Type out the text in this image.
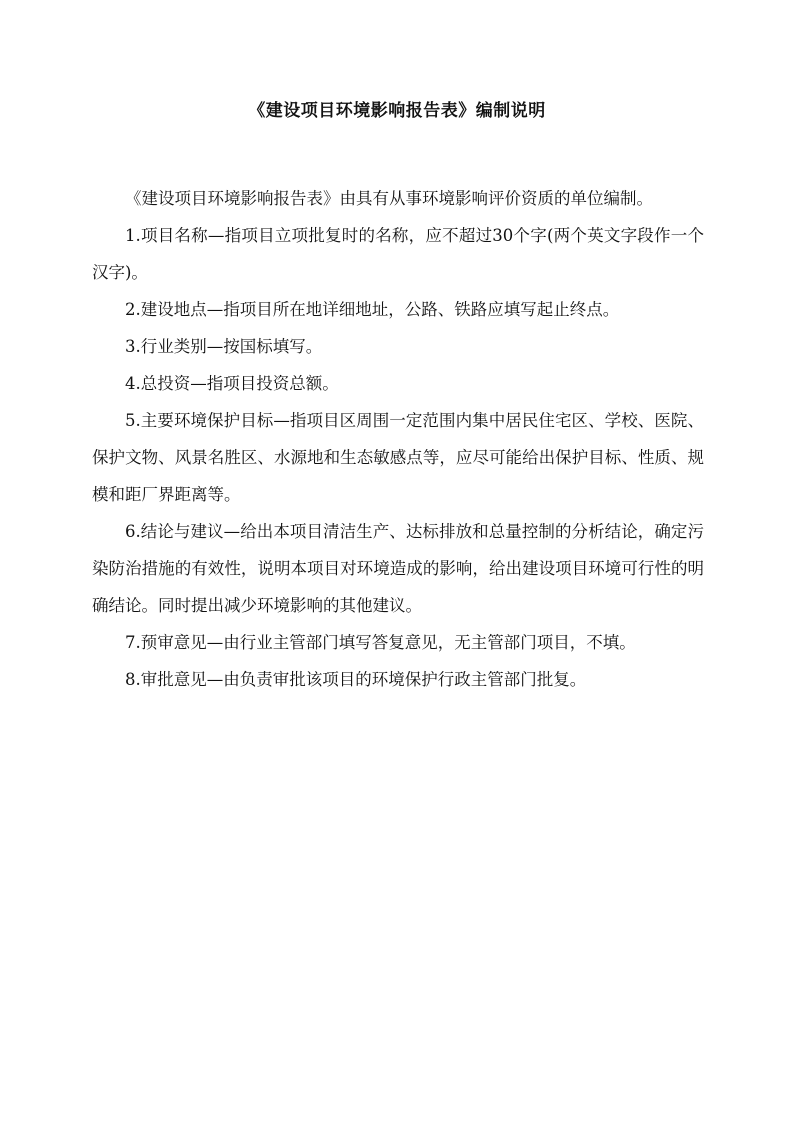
《建设项目环境影响报告表》编制说明

《建设项目环境影响报告表》由具有从事环境影响评价资质的单位编制。

1.项目名称—指项目立项批复时的名称，应不超过30个字(两个英文字段作一个汉字)。

2.建设地点—指项目所在地详细地址，公路、铁路应填写起止终点。

3.行业类别—按国标填写。

4.总投资—指项目投资总额。

5.主要环境保护目标—指项目区周围一定范围内集中居民住宅区、学校、医院、保护文物、风景名胜区、水源地和生态敏感点等，应尽可能给出保护目标、性质、规模和距厂界距离等。

6.结论与建议—给出本项目清洁生产、达标排放和总量控制的分析结论，确定污染防治措施的有效性，说明本项目对环境造成的影响，给出建设项目环境可行性的明确结论。同时提出减少环境影响的其他建议。

7.预审意见—由行业主管部门填写答复意见，无主管部门项目，不填。

8.审批意见—由负责审批该项目的环境保护行政主管部门批复。
